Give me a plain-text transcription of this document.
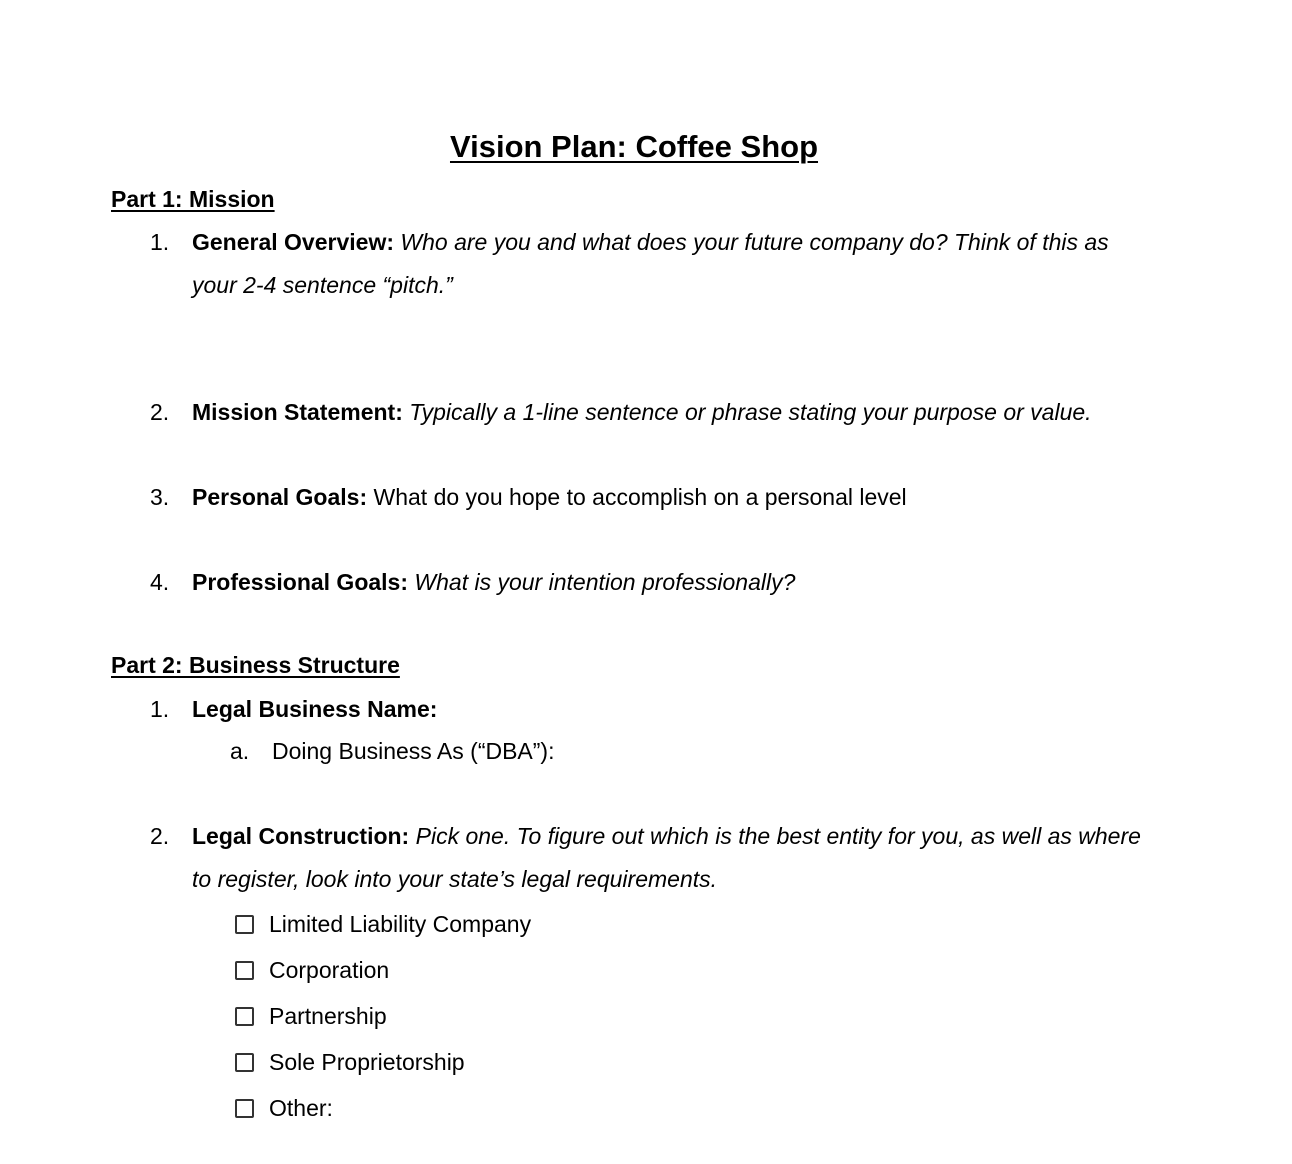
Vision Plan: Coffee Shop
Part 1: Mission
1. General Overview: Who are you and what does your future company do? Think of this as your 2-4 sentence “pitch.”
2. Mission Statement: Typically a 1-line sentence or phrase stating your purpose or value.
3. Personal Goals: What do you hope to accomplish on a personal level
4. Professional Goals: What is your intention professionally?
Part 2: Business Structure
1. Legal Business Name:
a. Doing Business As (“DBA”):
2. Legal Construction: Pick one. To figure out which is the best entity for you, as well as where to register, look into your state’s legal requirements.
Limited Liability Company
Corporation
Partnership
Sole Proprietorship
Other:
